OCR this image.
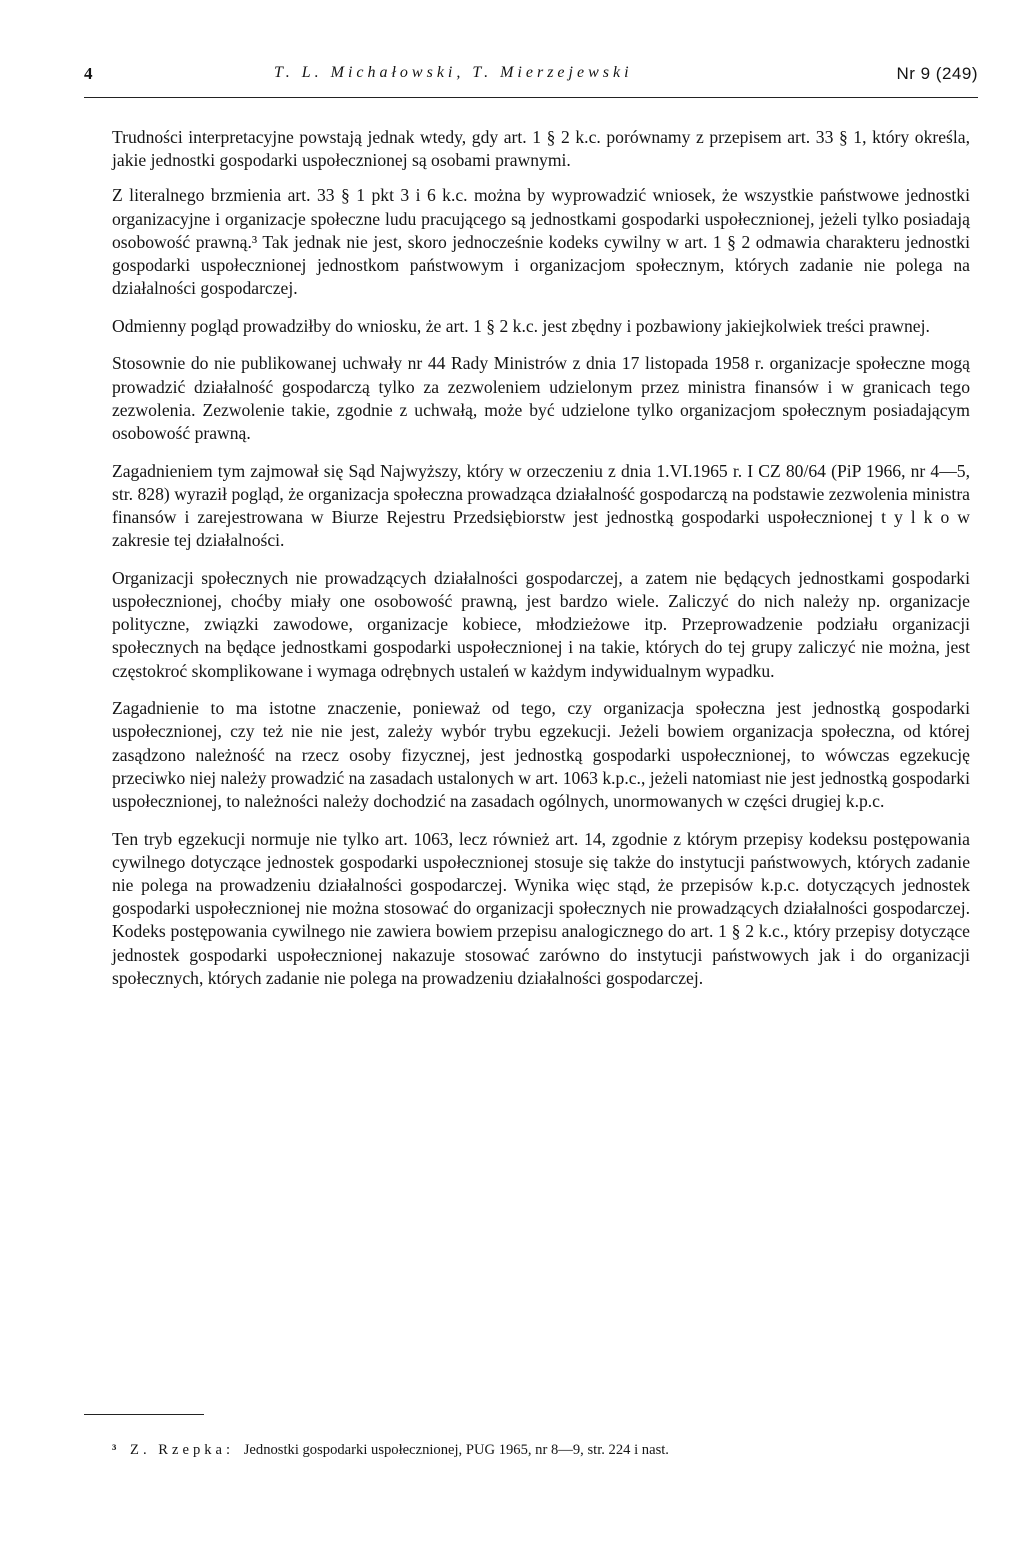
4	T. L. Michałowski, T. Mierzejewski	Nr 9 (249)

Trudności interpretacyjne powstają jednak wtedy, gdy art. 1 § 2 k.c. porównamy z przepisem art. 33 § 1, który określa, jakie jednostki gospodarki uspołecznionej są osobami prawnymi.

Z literalnego brzmienia art. 33 § 1 pkt 3 i 6 k.c. można by wyprowadzić wniosek, że wszystkie państwowe jednostki organizacyjne i organizacje społeczne ludu pracującego są jednostkami gospodarki uspołecznionej, jeżeli tylko posiadają osobowość prawną.³ Tak jednak nie jest, skoro jednocześnie kodeks cywilny w art. 1 § 2 odmawia charakteru jednostki gospodarki uspołecznionej jednostkom państwowym i organizacjom społecznym, których zadanie nie polega na działalności gospodarczej.

Odmienny pogląd prowadziłby do wniosku, że art. 1 § 2 k.c. jest zbędny i pozbawiony jakiejkolwiek treści prawnej.

Stosownie do nie publikowanej uchwały nr 44 Rady Ministrów z dnia 17 listopada 1958 r. organizacje społeczne mogą prowadzić działalność gospodarczą tylko za zezwoleniem udzielonym przez ministra finansów i w granicach tego zezwolenia. Zezwolenie takie, zgodnie z uchwałą, może być udzielone tylko organizacjom społecznym posiadającym osobowość prawną.

Zagadnieniem tym zajmował się Sąd Najwyższy, który w orzeczeniu z dnia 1.VI.1965 r. I CZ 80/64 (PiP 1966, nr 4—5, str. 828) wyraził pogląd, że organizacja społeczna prowadząca działalność gospodarczą na podstawie zezwolenia ministra finansów i zarejestrowana w Biurze Rejestru Przedsiębiorstw jest jednostką gospodarki uspołecznionej t y l k o w zakresie tej działalności.

Organizacji społecznych nie prowadzących działalności gospodarczej, a zatem nie będących jednostkami gospodarki uspołecznionej, choćby miały one osobowość prawną, jest bardzo wiele. Zaliczyć do nich należy np. organizacje polityczne, związki zawodowe, organizacje kobiece, młodzieżowe itp. Przeprowadzenie podziału organizacji społecznych na będące jednostkami gospodarki uspołecznionej i na takie, których do tej grupy zaliczyć nie można, jest częstokroć skomplikowane i wymaga odrębnych ustaleń w każdym indywidualnym wypadku.

Zagadnienie to ma istotne znaczenie, ponieważ od tego, czy organizacja społeczna jest jednostką gospodarki uspołecznionej, czy też nie nie jest, zależy wybór trybu egzekucji. Jeżeli bowiem organizacja społeczna, od której zasądzono należność na rzecz osoby fizycznej, jest jednostką gospodarki uspołecznionej, to wówczas egzekucję przeciwko niej należy prowadzić na zasadach ustalonych w art. 1063 k.p.c., jeżeli natomiast nie jest jednostką gospodarki uspołecznionej, to należności należy dochodzić na zasadach ogólnych, unormowanych w części drugiej k.p.c.

Ten tryb egzekucji normuje nie tylko art. 1063, lecz również art. 14, zgodnie z którym przepisy kodeksu postępowania cywilnego dotyczące jednostek gospodarki uspołecznionej stosuje się także do instytucji państwowych, których zadanie nie polega na prowadzeniu działalności gospodarczej. Wynika więc stąd, że przepisów k.p.c. dotyczących jednostek gospodarki uspołecznionej nie można stosować do organizacji społecznych nie prowadzących działalności gospodarczej. Kodeks postępowania cywilnego nie zawiera bowiem przepisu analogicznego do art. 1 § 2 k.c., który przepisy dotyczące jednostek gospodarki uspołecznionej nakazuje stosować zarówno do instytucji państwowych jak i do organizacji społecznych, których zadanie nie polega na prowadzeniu działalności gospodarczej.

³ Z. Rzepka: Jednostki gospodarki uspołecznionej, PUG 1965, nr 8—9, str. 224 i nast.
